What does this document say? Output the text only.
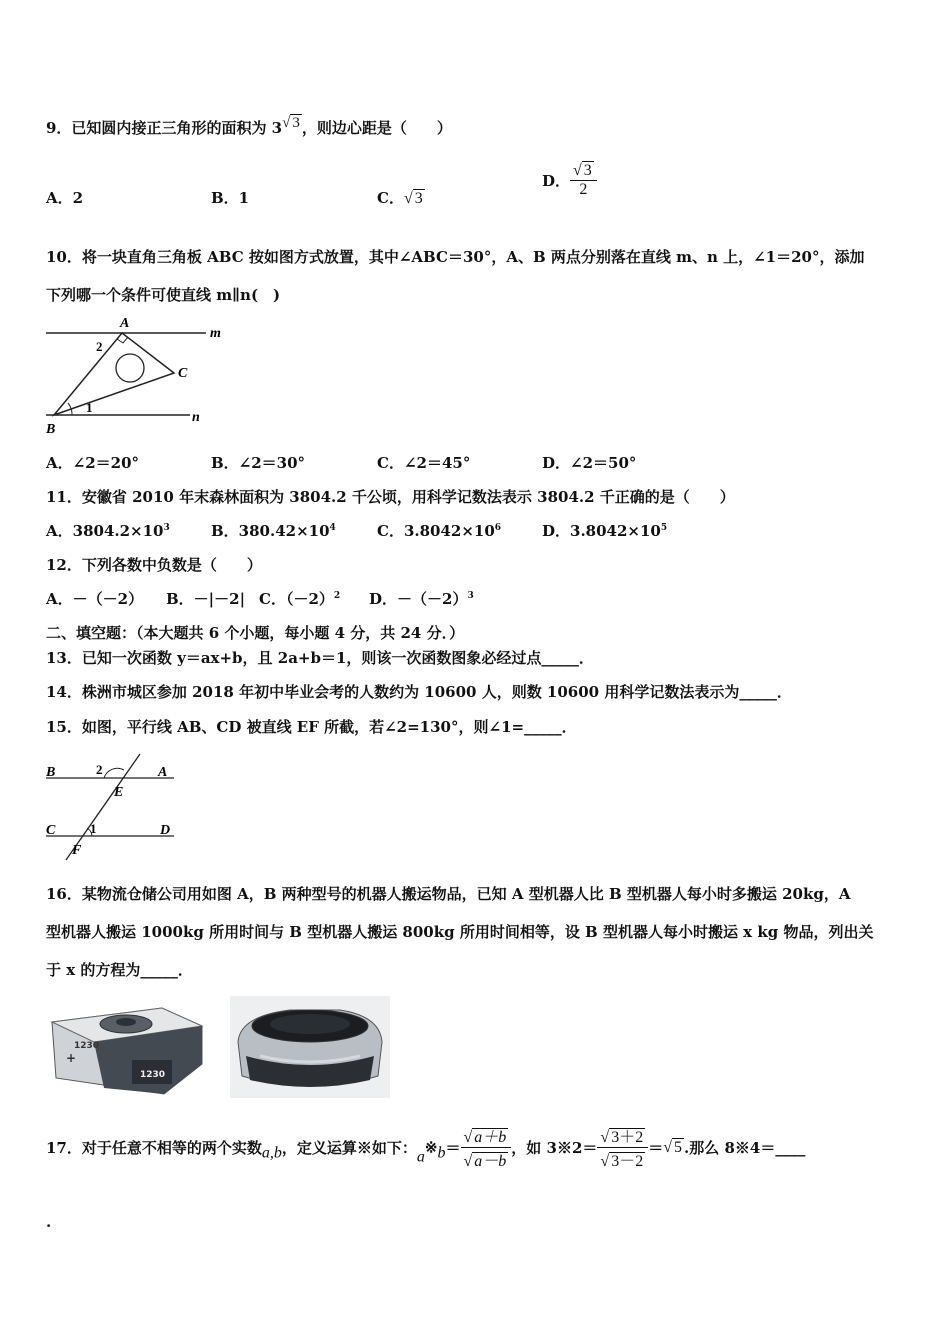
9．已知圆内接正三角形的面积为 3√ 3 ，则边心距是（　　）
A．2	B．1	C．√ 3
D． $\frac{√ 3}{2}$
10．将一块直角三角板 ABC 按如图方式放置，其中∠ABC＝30°，A、B 两点分别落在直线 m、n 上，∠1＝20°，添加
下列哪一个条件可使直线 m∥n(　)
A
B
C
m
n
1
2
A．∠2＝20°	B．∠2＝30°	C．∠2＝45°	D．∠2＝50°
11．安徽省 2010 年末森林面积为 3804.2 千公顷，用科学记数法表示 3804.2 千正确的是（　　）
A．$3804.2\times 10^3$	B．$380.42\times 10^4$	C．$3.8042\times 10^6$	D．$3.8042\times 10^5$
12．下列各数中负数是（　　）
A．－（－2） B．－|－2| C．$(-2)^2$ D．$-(-2)^3$
二、填空题：（本大题共 6 个小题，每小题 4 分，共 24 分．）
13．已知一次函数 y＝ax+b，且 2a+b＝1，则该一次函数图象必经过点_____．
14．株洲市城区参加 2018 年初中毕业会考的人数约为 10600 人，则数 10600 用科学记数法表示为_____．
15．如图，平行线 AB、CD 被直线 EF 所截，若∠2=130°，则∠1=_____．
B	A
C	D
E
F
2
1
16．某物流仓储公司用如图 A，B 两种型号的机器人搬运物品，已知 A 型机器人比 B 型机器人每小时多搬运 20kg，A
型机器人搬运 1000kg 所用时间与 B 型机器人搬运 800kg 所用时间相等，设 B 型机器人每小时搬运 x kg 物品，列出关
于 x 的方程为_____．
1230
1230
+
17．对于任意不相等的两个实数a,b，定义运算※如下：a※b＝ $\frac{√ a+b}{√ a-b}$ ，如 3※2＝ $\frac{√ 3+2}{√ 3-2}$ ＝√ 5 .那么 8※4＝____
.
